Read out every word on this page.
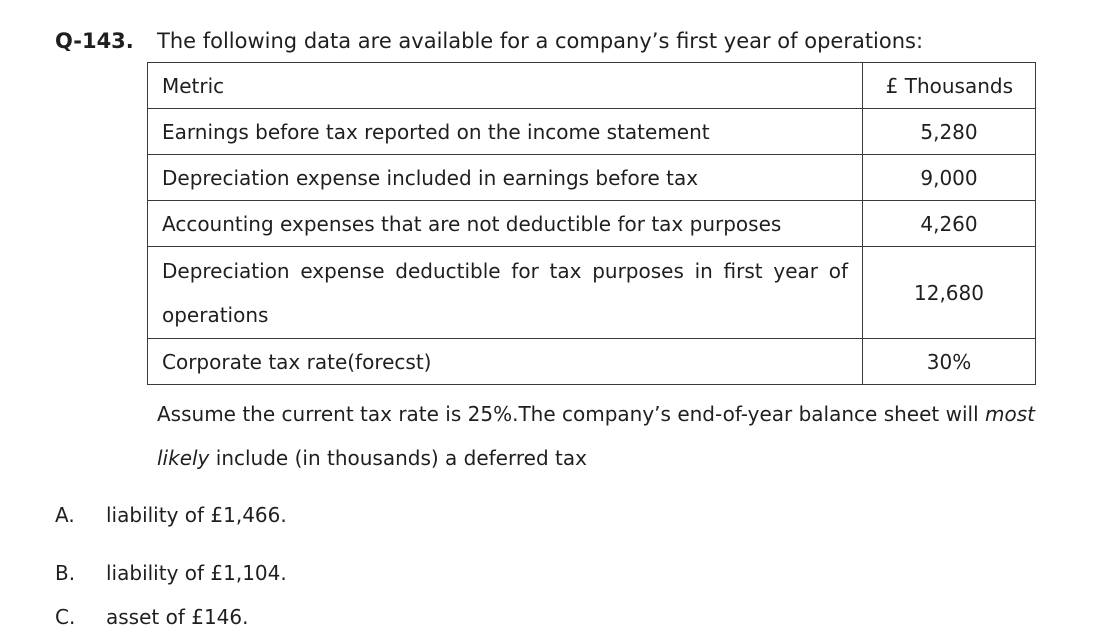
Q-143. The following data are available for a company’s first year of operations:
Metric	£ Thousands
Earnings before tax reported on the income statement	5,280
Depreciation expense included in earnings before tax	9,000
Accounting expenses that are not deductible for tax purposes	4,260
Depreciation expense deductible for tax purposes in first year of operations	12,680
Corporate tax rate(forecst)	30%
Assume the current tax rate is 25%.The company’s end-of-year balance sheet will most likely include (in thousands) a deferred tax
A. liability of £1,466.
B. liability of £1,104.
C. asset of £146.
